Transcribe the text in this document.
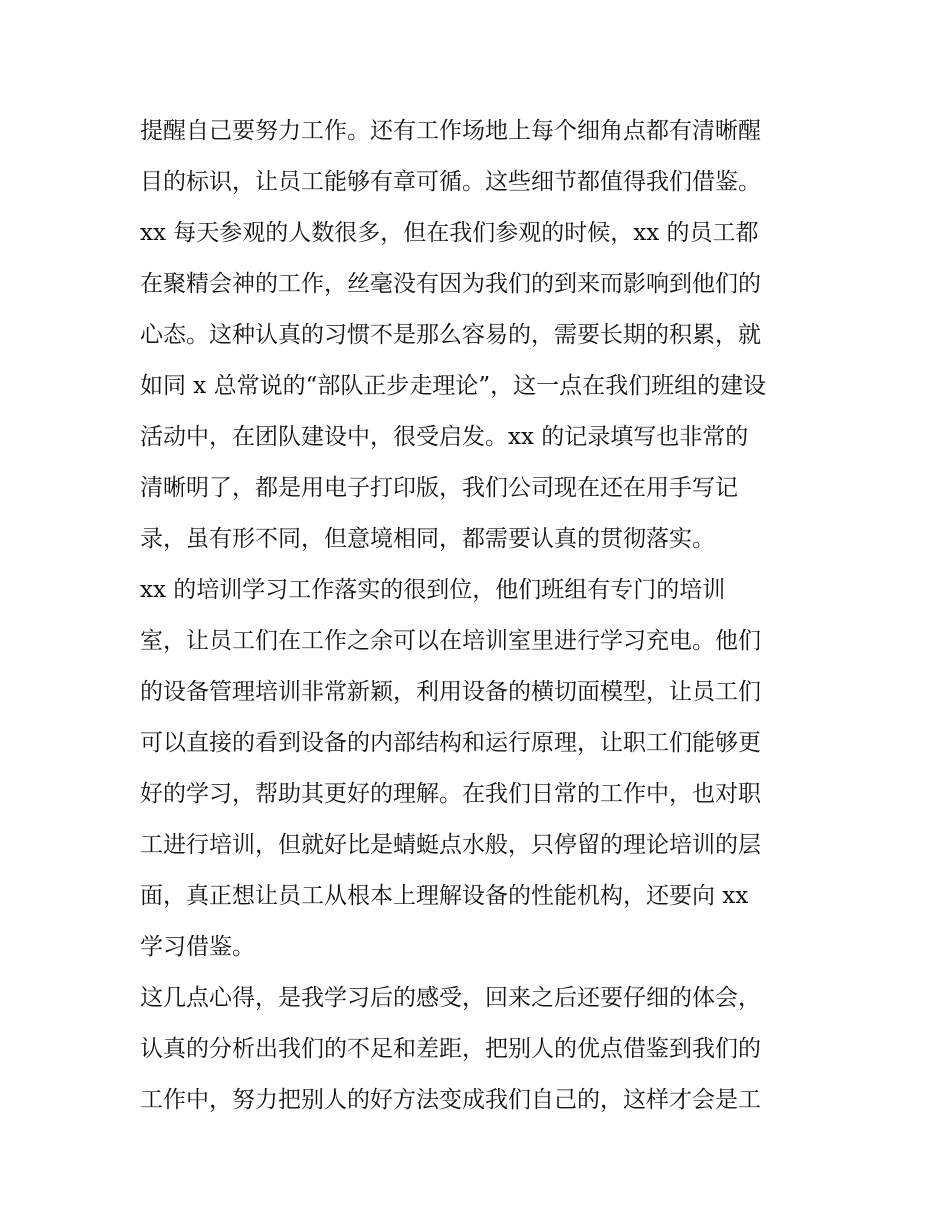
提醒自己要努力工作。还有工作场地上每个细角点都有清晰醒
目的标识，让员工能够有章可循。这些细节都值得我们借鉴。
xx 每天参观的人数很多，但在我们参观的时候，xx 的员工都
在聚精会神的工作，丝毫没有因为我们的到来而影响到他们的
心态。这种认真的习惯不是那么容易的，需要长期的积累，就
如同 x 总常说的“部队正步走理论”，这一点在我们班组的建设
活动中，在团队建设中，很受启发。xx 的记录填写也非常的
清晰明了，都是用电子打印版，我们公司现在还在用手写记
录，虽有形不同，但意境相同，都需要认真的贯彻落实。
xx 的培训学习工作落实的很到位，他们班组有专门的培训
室，让员工们在工作之余可以在培训室里进行学习充电。他们
的设备管理培训非常新颖，利用设备的横切面模型，让员工们
可以直接的看到设备的内部结构和运行原理，让职工们能够更
好的学习，帮助其更好的理解。在我们日常的工作中，也对职
工进行培训，但就好比是蜻蜓点水般，只停留的理论培训的层
面，真正想让员工从根本上理解设备的性能机构，还要向 xx
学习借鉴。
这几点心得，是我学习后的感受，回来之后还要仔细的体会，
认真的分析出我们的不足和差距，把别人的优点借鉴到我们的
工作中，努力把别人的好方法变成我们自己的，这样才会是工
